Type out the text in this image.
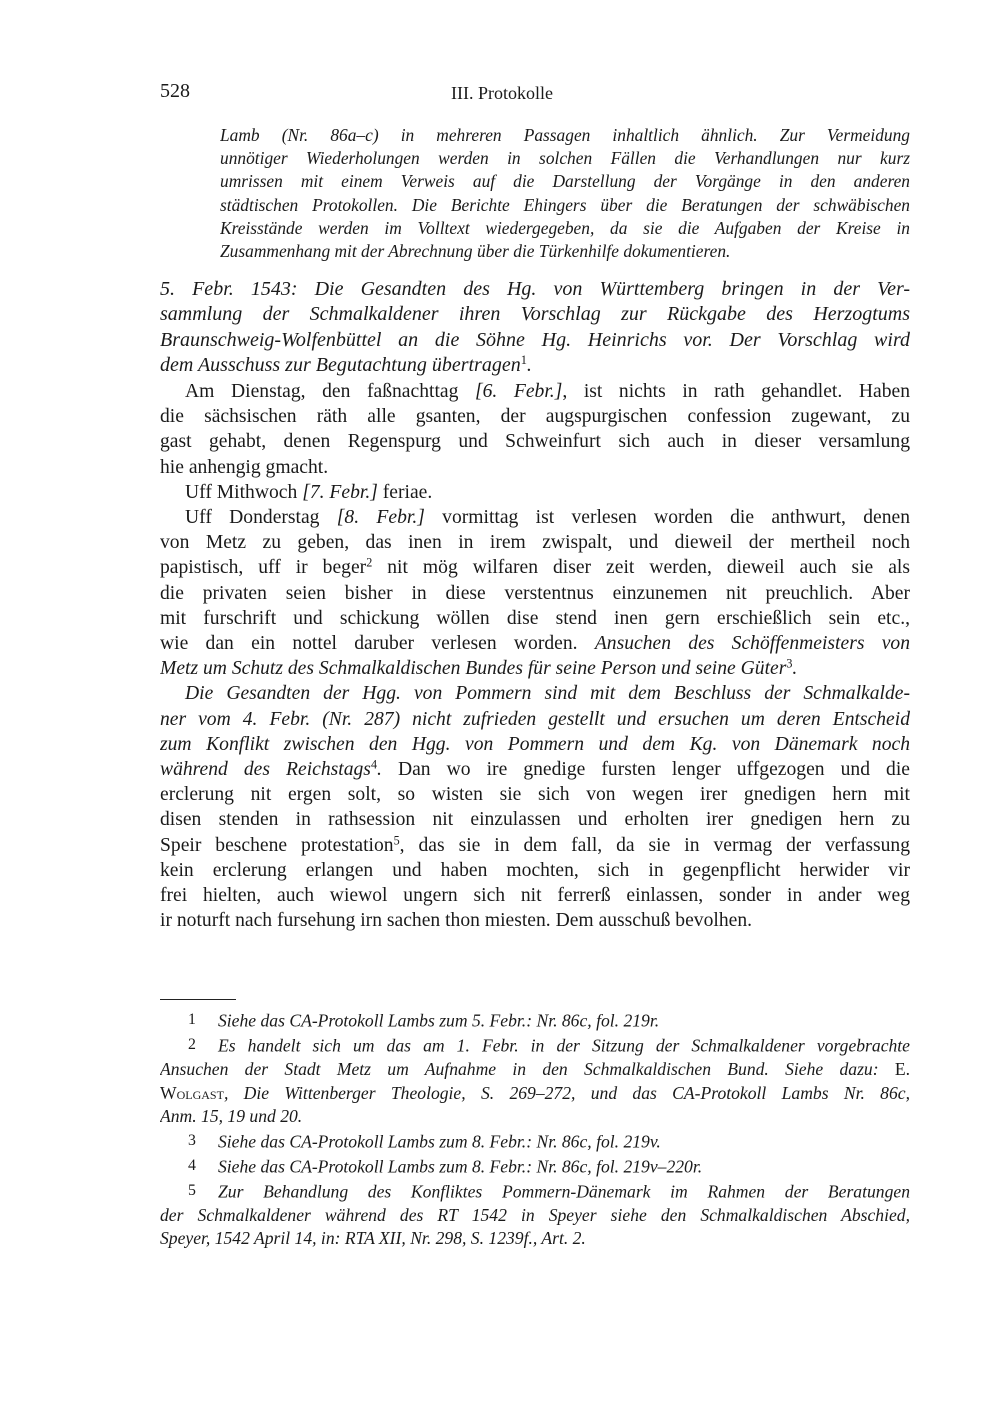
528	III. Protokolle
Lamb (Nr. 86a–c) in mehreren Passagen inhaltlich ähnlich. Zur Vermeidung
unnötiger Wiederholungen werden in solchen Fällen die Verhandlungen nur kurz
umrissen mit einem Verweis auf die Darstellung der Vorgänge in den anderen
städtischen Protokollen. Die Berichte Ehingers über die Beratungen der schwäbischen
Kreisstände werden im Volltext wiedergegeben, da sie die Aufgaben der Kreise in
Zusammenhang mit der Abrechnung über die Türkenhilfe dokumentieren.
5. Febr. 1543: Die Gesandten des Hg. von Württemberg bringen in der Ver-
sammlung der Schmalkaldener ihren Vorschlag zur Rückgabe des Herzogtums
Braunschweig-Wolfenbüttel an die Söhne Hg. Heinrichs vor. Der Vorschlag wird
dem Ausschuss zur Begutachtung übertragen$^1$.
Am Dienstag, den faßnachttag [6. Febr.], ist nichts in rath gehandlet. Haben
die sächsischen räth alle gsanten, der augspurgischen confession zugewant, zu
gast gehabt, denen Regenspurg und Schweinfurt sich auch in dieser versamlung
hie anhengig gmacht.
Uff Mithwoch [7. Febr.] feriae.
Uff Donderstag [8. Febr.] vormittag ist verlesen worden die anthwurt, denen
von Metz zu geben, das inen in irem zwispalt, und dieweil der mertheil noch
papistisch, uff ir beger$^2$ nit mög wilfaren diser zeit werden, dieweil auch sie als
die privaten seien bisher in diese verstentnus einzunemen nit preuchlich. Aber
mit furschrift und schickung wöllen dise stend inen gern erschießlich sein etc.,
wie dan ein nottel daruber verlesen worden. Ansuchen des Schöffenmeisters von
Metz um Schutz des Schmalkaldischen Bundes für seine Person und seine Güter$^3$.
Die Gesandten der Hgg. von Pommern sind mit dem Beschluss der Schmalkalde-
ner vom 4. Febr. (Nr. 287) nicht zufrieden gestellt und ersuchen um deren Entscheid
zum Konflikt zwischen den Hgg. von Pommern und dem Kg. von Dänemark noch
während des Reichstags$^4$. Dan wo ire gnedige fursten lenger uffgezogen und die
erclerung nit ergen solt, so wisten sie sich von wegen irer gnedigen hern mit
disen stenden in rathsession nit einzulassen und erholten irer gnedigen hern zu
Speir beschene protestation$^5$, das sie in dem fall, da sie in vermag der verfassung
kein erclerung erlangen und haben mochten, sich in gegenpflicht herwider vir
frei hielten, auch wiewol ungern sich nit ferrerß einlassen, sonder in ander weg
ir noturft nach fursehung irn sachen thon miesten. Dem ausschuß bevolhen.
1 Siehe das CA-Protokoll Lambs zum 5. Febr.: Nr. 86c, fol. 219r.
2 Es handelt sich um das am 1. Febr. in der Sitzung der Schmalkaldener vorgebrachte
Ansuchen der Stadt Metz um Aufnahme in den Schmalkaldischen Bund. Siehe dazu: E.
Wolgast, Die Wittenberger Theologie, S. 269–272, und das CA-Protokoll Lambs Nr. 86c,
Anm. 15, 19 und 20.
3 Siehe das CA-Protokoll Lambs zum 8. Febr.: Nr. 86c, fol. 219v.
4 Siehe das CA-Protokoll Lambs zum 8. Febr.: Nr. 86c, fol. 219v–220r.
5 Zur Behandlung des Konfliktes Pommern-Dänemark im Rahmen der Beratungen
der Schmalkaldener während des RT 1542 in Speyer siehe den Schmalkaldischen Abschied,
Speyer, 1542 April 14, in: RTA XII, Nr. 298, S. 1239f., Art. 2.
